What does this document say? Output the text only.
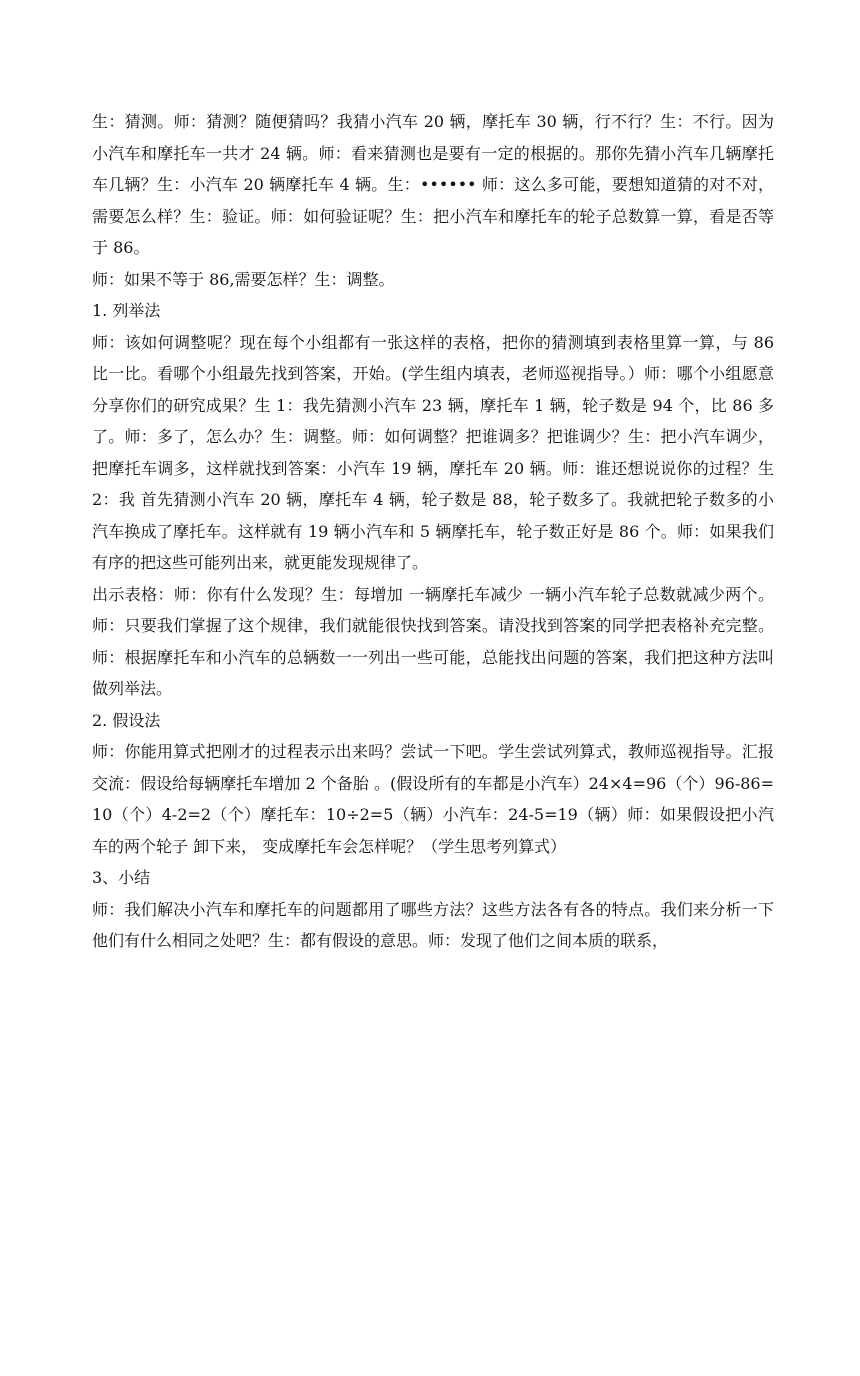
生：猜测。师：猜测？随便猜吗？我猜小汽车 20 辆，摩托车 30 辆，行不行？生：不行。因为小汽车和摩托车一共才 24 辆。师：看来猜测也是要有一定的根据的。那你先猜小汽车几辆摩托车几辆？生：小汽车 20 辆摩托车 4 辆。生：•••••• 师：这么多可能，要想知道猜的对不对，需要怎么样？生：验证。师：如何验证呢？生：把小汽车和摩托车的轮子总数算一算，看是否等于 86。

师：如果不等于 86,需要怎样？生：调整。

1. 列举法

师：该如何调整呢？现在每个小组都有一张这样的表格，把你的猜测填到表格里算一算，与 86 比一比。看哪个小组最先找到答案，开始。(学生组内填表，老师巡视指导。）师：哪个小组愿意分享你们的研究成果？生 1：我先猜测小汽车 23 辆，摩托车 1 辆，轮子数是 94 个，比 86 多了。师：多了，怎么办？生：调整。师：如何调整？把谁调多？把谁调少？生：把小汽车调少，把摩托车调多，这样就找到答案：小汽车 19 辆，摩托车 20 辆。师：谁还想说说你的过程？生 2：我 首先猜测小汽车 20 辆，摩托车 4 辆，轮子数是 88，轮子数多了。我就把轮子数多的小汽车换成了摩托车。这样就有 19 辆小汽车和 5 辆摩托车，轮子数正好是 86 个。师：如果我们有序的把这些可能列出来，就更能发现规律了。

出示表格：师：你有什么发现？生：每增加 一辆摩托车减少 一辆小汽车轮子总数就减少两个。师：只要我们掌握了这个规律，我们就能很快找到答案。请没找到答案的同学把表格补充完整。师：根据摩托车和小汽车的总辆数一一列出一些可能，总能找出问题的答案，我们把这种方法叫做列举法。

2. 假设法

师：你能用算式把刚才的过程表示出来吗？尝试一下吧。学生尝试列算式，教师巡视指导。汇报交流：假设给每辆摩托车增加 2 个备胎 。(假设所有的车都是小汽车）24×4=96（个）96-86=10（个）4-2=2（个）摩托车：10÷2=5（辆）小汽车：24-5=19（辆）师：如果假设把小汽车的两个轮子 卸下来， 变成摩托车会怎样呢？（学生思考列算式）

3、小结

师：我们解决小汽车和摩托车的问题都用了哪些方法？这些方法各有各的特点。我们来分析一下他们有什么相同之处吧？生：都有假设的意思。师：发现了他们之间本质的联系，
